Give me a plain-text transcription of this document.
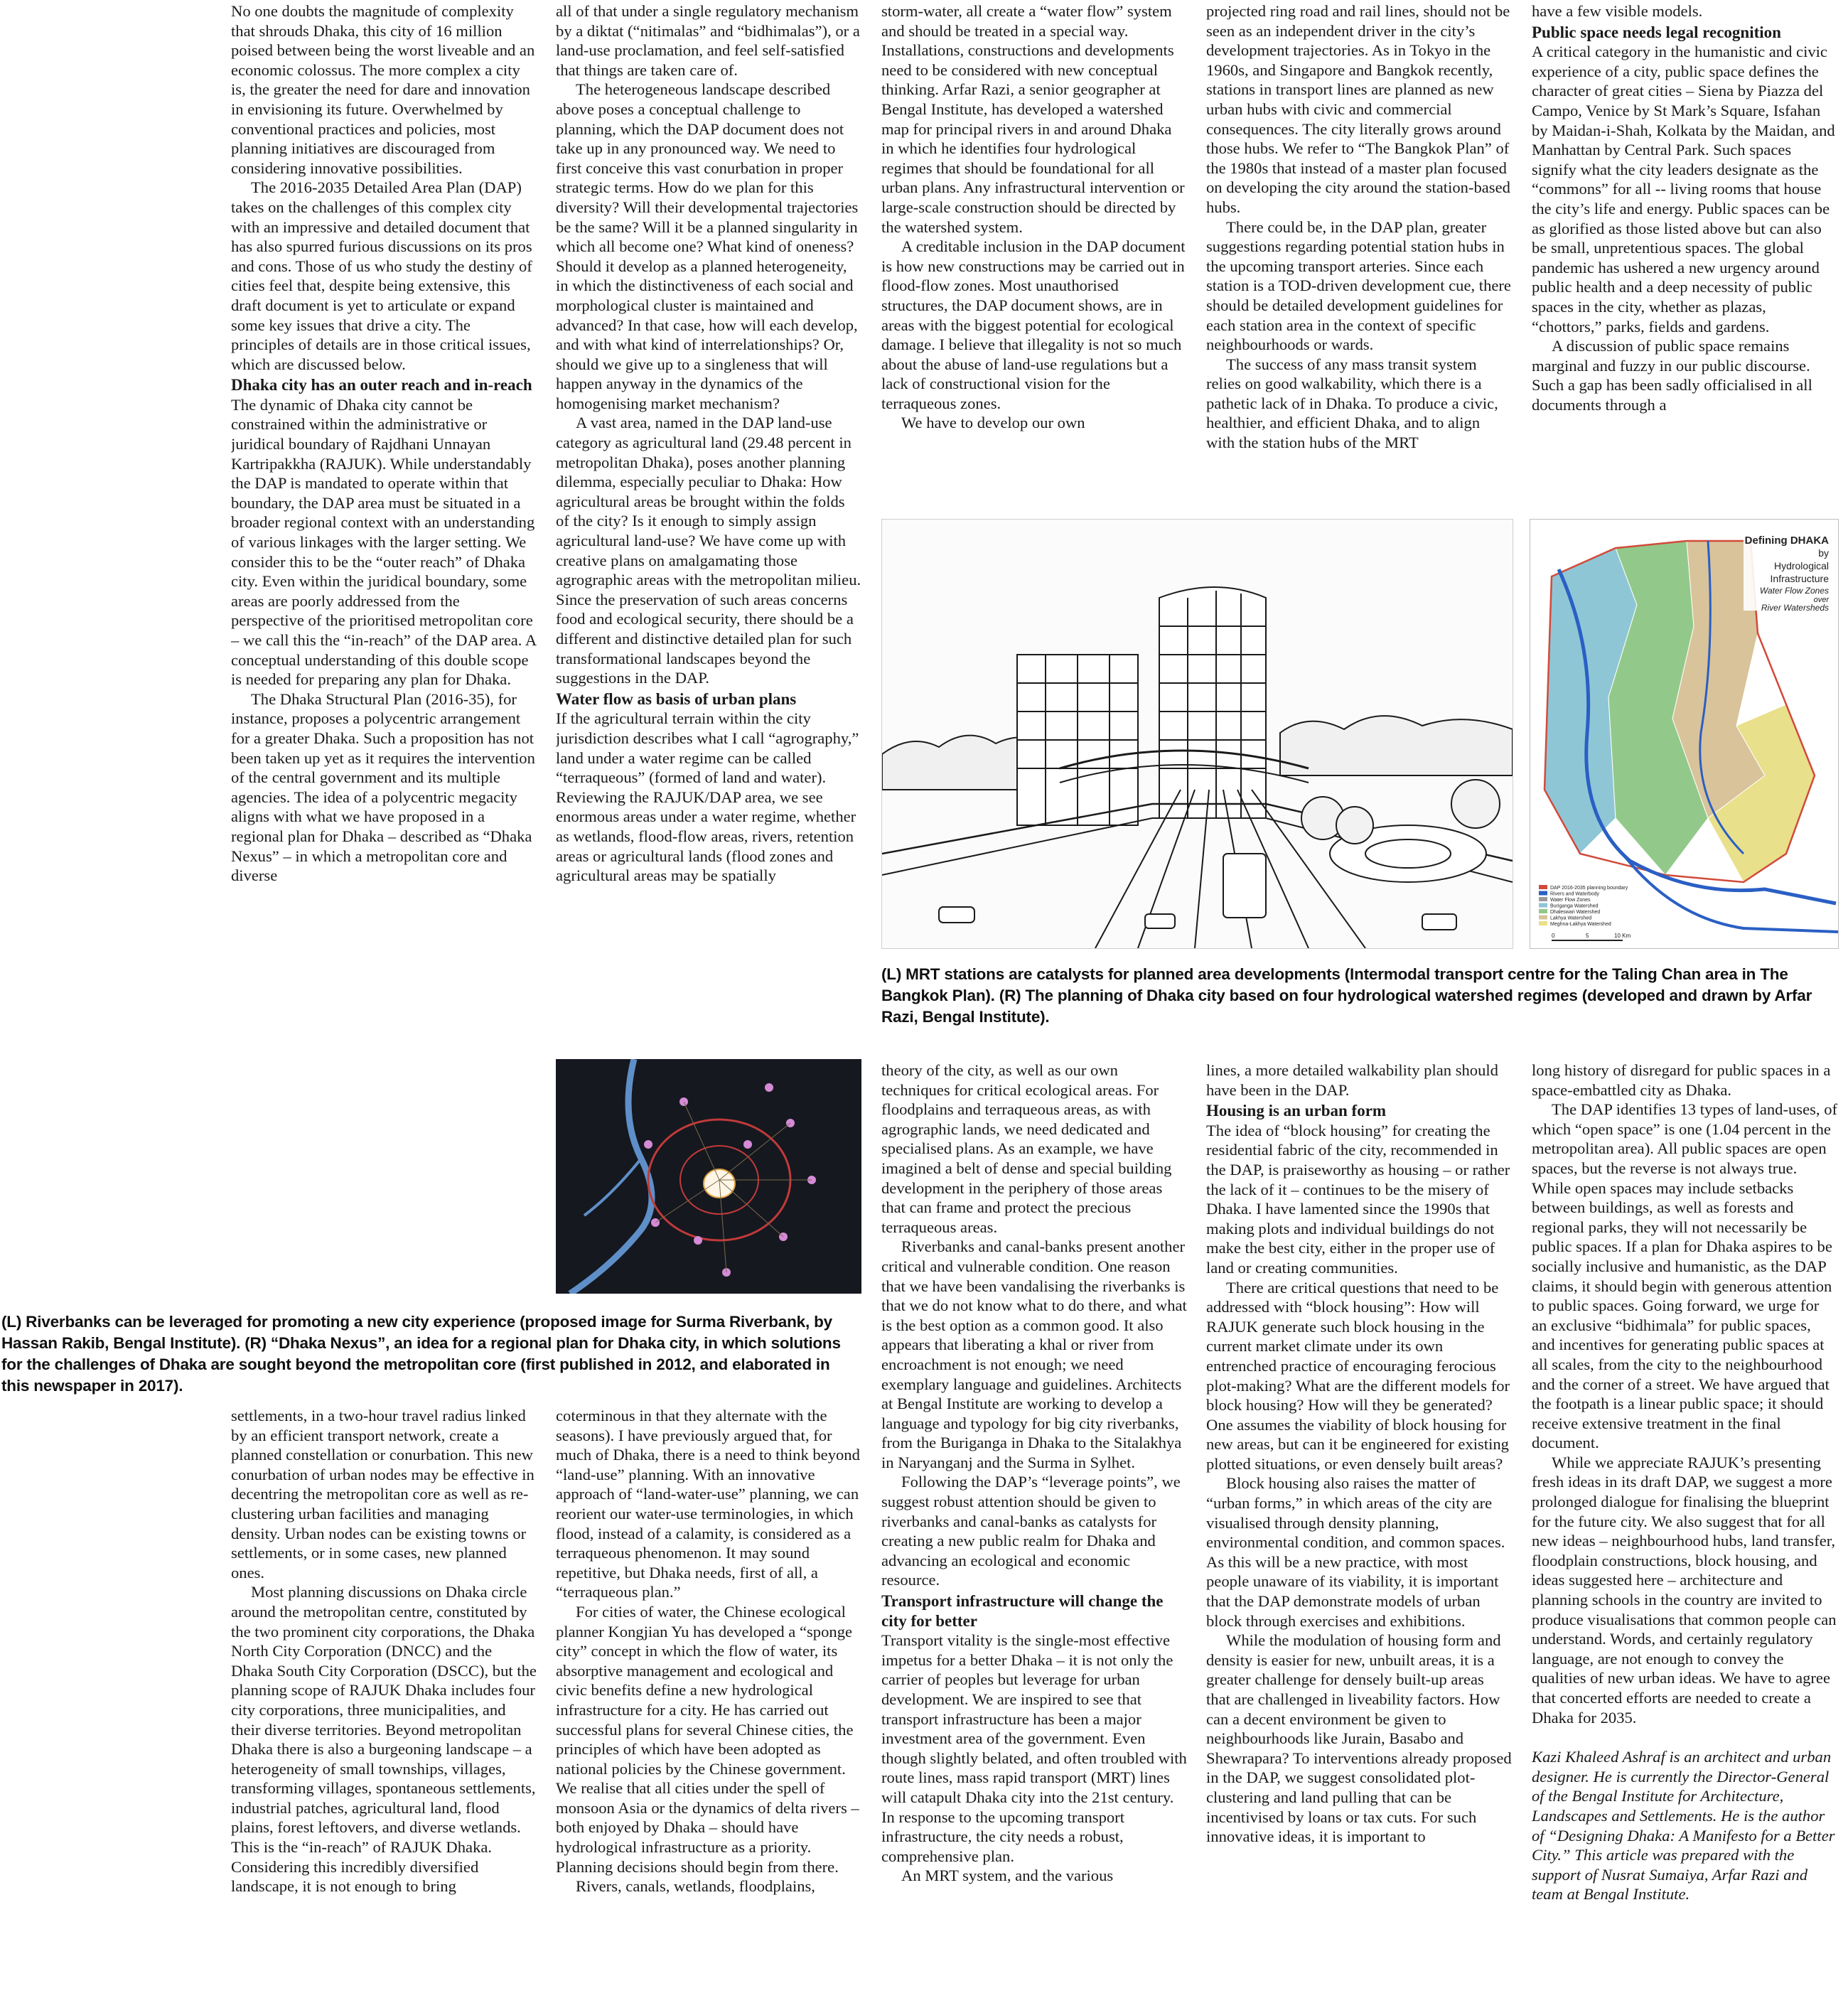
No one doubts the magnitude of complexity that shrouds Dhaka, this city of 16 million poised between being the worst liveable and an economic colossus. The more complex a city is, the greater the need for dare and innovation in envisioning its future. Overwhelmed by conventional practices and policies, most planning initiatives are discouraged from considering innovative possibilities.

The 2016-2035 Detailed Area Plan (DAP) takes on the challenges of this complex city with an impressive and detailed document that has also spurred furious discussions on its pros and cons. Those of us who study the destiny of cities feel that, despite being extensive, this draft document is yet to articulate or expand some key issues that drive a city. The principles of details are in those critical issues, which are discussed below.

Dhaka city has an outer reach and in-reach

The dynamic of Dhaka city cannot be constrained within the administrative or juridical boundary of Rajdhani Unnayan Kartripakkha (RAJUK). While understandably the DAP is mandated to operate within that boundary, the DAP area must be situated in a broader regional context with an understanding of various linkages with the larger setting. We consider this to be the “outer reach” of Dhaka city. Even within the juridical boundary, some areas are poorly addressed from the perspective of the prioritised metropolitan core – we call this the “in-reach” of the DAP area. A conceptual understanding of this double scope is needed for preparing any plan for Dhaka.

The Dhaka Structural Plan (2016-35), for instance, proposes a polycentric arrangement for a greater Dhaka. Such a proposition has not been taken up yet as it requires the intervention of the central government and its multiple agencies. The idea of a polycentric megacity aligns with what we have proposed in a regional plan for Dhaka – described as “Dhaka Nexus” – in which a metropolitan core and diverse

all of that under a single regulatory mechanism by a diktat (“nitimalas” and “bidhimalas”), or a land-use proclamation, and feel self-satisfied that things are taken care of.

The heterogeneous landscape described above poses a conceptual challenge to planning, which the DAP document does not take up in any pronounced way. We need to first conceive this vast conurbation in proper strategic terms. How do we plan for this diversity? Will their developmental trajectories be the same? Will it be a planned singularity in which all become one? What kind of oneness? Should it develop as a planned heterogeneity, in which the distinctiveness of each social and morphological cluster is maintained and advanced? In that case, how will each develop, and with what kind of interrelationships? Or, should we give up to a singleness that will happen anyway in the dynamics of the homogenising market mechanism?

A vast area, named in the DAP land-use category as agricultural land (29.48 percent in metropolitan Dhaka), poses another planning dilemma, especially peculiar to Dhaka: How agricultural areas be brought within the folds of the city? Is it enough to simply assign agricultural land-use? We have come up with creative plans on amalgamating those agrographic areas with the metropolitan milieu. Since the preservation of such areas concerns food and ecological security, there should be a different and distinctive detailed plan for such transformational landscapes beyond the suggestions in the DAP.

Water flow as basis of urban plans

If the agricultural terrain within the city jurisdiction describes what I call “agrography,” land under a water regime can be called “terraqueous” (formed of land and water). Reviewing the RAJUK/DAP area, we see enormous areas under a water regime, whether as wetlands, flood-flow areas, rivers, retention areas or agricultural lands (flood zones and agricultural areas may be spatially

storm-water, all create a “water flow” system and should be treated in a special way. Installations, constructions and developments need to be considered with new conceptual thinking. Arfar Razi, a senior geographer at Bengal Institute, has developed a watershed map for principal rivers in and around Dhaka in which he identifies four hydrological regimes that should be foundational for all urban plans. Any infrastructural intervention or large-scale construction should be directed by the watershed system.

A creditable inclusion in the DAP document is how new constructions may be carried out in flood-flow zones. Most unauthorised structures, the DAP document shows, are in areas with the biggest potential for ecological damage. I believe that illegality is not so much about the abuse of land-use regulations but a lack of constructional vision for the terraqueous zones.

We have to develop our own

projected ring road and rail lines, should not be seen as an independent driver in the city’s development trajectories. As in Tokyo in the 1960s, and Singapore and Bangkok recently, stations in transport lines are planned as new urban hubs with civic and commercial consequences. The city literally grows around those hubs. We refer to “The Bangkok Plan” of the 1980s that instead of a master plan focused on developing the city around the station-based hubs.

There could be, in the DAP plan, greater suggestions regarding potential station hubs in the upcoming transport arteries. Since each station is a TOD-driven development cue, there should be detailed development guidelines for each station area in the context of specific neighbourhoods or wards.

The success of any mass transit system relies on good walkability, which there is a pathetic lack of in Dhaka. To produce a civic, healthier, and efficient Dhaka, and to align with the station hubs of the MRT

have a few visible models.

Public space needs legal recognition

A critical category in the humanistic and civic experience of a city, public space defines the character of great cities – Siena by Piazza del Campo, Venice by St Mark’s Square, Isfahan by Maidan-i-Shah, Kolkata by the Maidan, and Manhattan by Central Park. Such spaces signify what the city leaders designate as the “commons” for all -- living rooms that house the city’s life and energy. Public spaces can be as glorified as those listed above but can also be small, unpretentious spaces. The global pandemic has ushered a new urgency around public health and a deep necessity of public spaces in the city, whether as plazas, “chottors,” parks, fields and gardens.

A discussion of public space remains marginal and fuzzy in our public discourse. Such a gap has been sadly officialised in all documents through a

Defining DHAKA
by
Hydrological
Infrastructure
Water Flow Zones
over
River Watersheds
DAP 2016-2035 planning boundary
Rivers and Waterbody
Water Flow Zones
Buriganga Watershed
Dhaleswari Watershed
Lakhya Watershed
Meghna-Lakhya Watershed
0	5	10 Km
(L) MRT stations are catalysts for planned area developments (Intermodal transport centre for the Taling Chan area in The Bangkok Plan). (R) The planning of Dhaka city based on four hydrological watershed regimes (developed and drawn by Arfar Razi, Bengal Institute).
(L) Riverbanks can be leveraged for promoting a new city experience (proposed image for Surma Riverbank, by Hassan Rakib, Bengal Institute). (R) “Dhaka Nexus”, an idea for a regional plan for Dhaka city, in which solutions for the challenges of Dhaka are sought beyond the metropolitan core (first published in 2012, and elaborated in this newspaper in 2017).

settlements, in a two-hour travel radius linked by an efficient transport network, create a planned constellation or conurbation. This new conurbation of urban nodes may be effective in decentring the metropolitan core as well as re-clustering urban facilities and managing density. Urban nodes can be existing towns or settlements, or in some cases, new planned ones.

Most planning discussions on Dhaka circle around the metropolitan centre, constituted by the two prominent city corporations, the Dhaka North City Corporation (DNCC) and the Dhaka South City Corporation (DSCC), but the planning scope of RAJUK Dhaka includes four city corporations, three municipalities, and their diverse territories. Beyond metropolitan Dhaka there is also a burgeoning landscape – a heterogeneity of small townships, villages, transforming villages, spontaneous settlements, industrial patches, agricultural land, flood plains, forest leftovers, and diverse wetlands. This is the “in-reach” of RAJUK Dhaka. Considering this incredibly diversified landscape, it is not enough to bring

coterminous in that they alternate with the seasons). I have previously argued that, for much of Dhaka, there is a need to think beyond “land-use” planning. With an innovative approach of “land-water-use” planning, we can reorient our water-use terminologies, in which flood, instead of a calamity, is considered as a terraqueous phenomenon. It may sound repetitive, but Dhaka needs, first of all, a “terraqueous plan.”

For cities of water, the Chinese ecological planner Kongjian Yu has developed a “sponge city” concept in which the flow of water, its absorptive management and ecological and civic benefits define a new hydrological infrastructure for a city. He has carried out successful plans for several Chinese cities, the principles of which have been adopted as national policies by the Chinese government. We realise that all cities under the spell of monsoon Asia or the dynamics of delta rivers – both enjoyed by Dhaka – should have hydrological infrastructure as a priority. Planning decisions should begin from there.

Rivers, canals, wetlands, floodplains,

theory of the city, as well as our own techniques for critical ecological areas. For floodplains and terraqueous areas, as with agrographic lands, we need dedicated and specialised plans. As an example, we have imagined a belt of dense and special building development in the periphery of those areas that can frame and protect the precious terraqueous areas.

Riverbanks and canal-banks present another critical and vulnerable condition. One reason that we have been vandalising the riverbanks is that we do not know what to do there, and what is the best option as a common good. It also appears that liberating a khal or river from encroachment is not enough; we need exemplary language and guidelines. Architects at Bengal Institute are working to develop a language and typology for big city riverbanks, from the Buriganga in Dhaka to the Sitalakhya in Naryanganj and the Surma in Sylhet.

Following the DAP’s “leverage points”, we suggest robust attention should be given to riverbanks and canal-banks as catalysts for creating a new public realm for Dhaka and advancing an ecological and economic resource.

Transport infrastructure will change the city for better

Transport vitality is the single-most effective impetus for a better Dhaka – it is not only the carrier of peoples but leverage for urban development. We are inspired to see that transport infrastructure has been a major investment area of the government. Even though slightly belated, and often troubled with route lines, mass rapid transport (MRT) lines will catapult Dhaka city into the 21st century. In response to the upcoming transport infrastructure, the city needs a robust, comprehensive plan.

An MRT system, and the various

lines, a more detailed walkability plan should have been in the DAP.

Housing is an urban form

The idea of “block housing” for creating the residential fabric of the city, recommended in the DAP, is praiseworthy as housing – or rather the lack of it – continues to be the misery of Dhaka. I have lamented since the 1990s that making plots and individual buildings do not make the best city, either in the proper use of land or creating communities.

There are critical questions that need to be addressed with “block housing”: How will RAJUK generate such block housing in the current market climate under its own entrenched practice of encouraging ferocious plot-making? What are the different models for block housing? How will they be generated? One assumes the viability of block housing for new areas, but can it be engineered for existing plotted situations, or even densely built areas?

Block housing also raises the matter of “urban forms,” in which areas of the city are visualised through density planning, environmental condition, and common spaces. As this will be a new practice, with most people unaware of its viability, it is important that the DAP demonstrate models of urban block through exercises and exhibitions.

While the modulation of housing form and density is easier for new, unbuilt areas, it is a greater challenge for densely built-up areas that are challenged in liveability factors. How can a decent environment be given to neighbourhoods like Jurain, Basabo and Shewrapara? To interventions already proposed in the DAP, we suggest consolidated plot-clustering and land pulling that can be incentivised by loans or tax cuts. For such innovative ideas, it is important to

long history of disregard for public spaces in a space-embattled city as Dhaka.

The DAP identifies 13 types of land-uses, of which “open space” is one (1.04 percent in the metropolitan area). All public spaces are open spaces, but the reverse is not always true. While open spaces may include setbacks between buildings, as well as forests and regional parks, they will not necessarily be public spaces. If a plan for Dhaka aspires to be socially inclusive and humanistic, as the DAP claims, it should begin with generous attention to public spaces. Going forward, we urge for an exclusive “bidhimala” for public spaces, and incentives for generating public spaces at all scales, from the city to the neighbourhood and the corner of a street. We have argued that the footpath is a linear public space; it should receive extensive treatment in the final document.

While we appreciate RAJUK’s presenting fresh ideas in its draft DAP, we suggest a more prolonged dialogue for finalising the blueprint for the future city. We also suggest that for all new ideas – neighbourhood hubs, land transfer, floodplain constructions, block housing, and ideas suggested here – architecture and planning schools in the country are invited to produce visualisations that common people can understand. Words, and certainly regulatory language, are not enough to convey the qualities of new urban ideas. We have to agree that concerted efforts are needed to create a Dhaka for 2035.

Kazi Khaleed Ashraf is an architect and urban designer. He is currently the Director-General of the Bengal Institute for Architecture, Landscapes and Settlements. He is the author of “Designing Dhaka: A Manifesto for a Better City.” This article was prepared with the support of Nusrat Sumaiya, Arfar Razi and team at Bengal Institute.
